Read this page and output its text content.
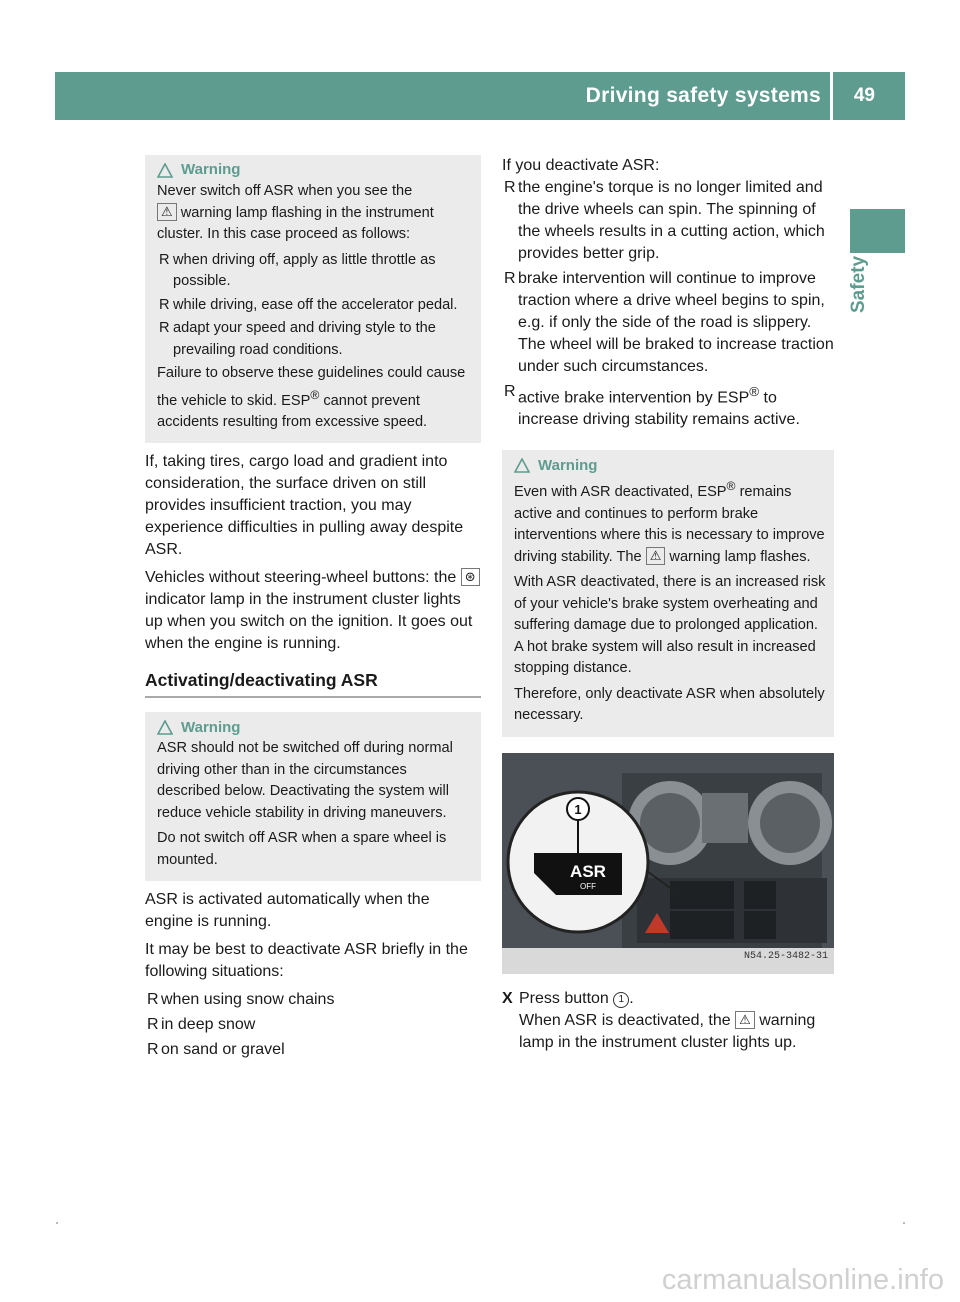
Driving safety systems 49
Safety
Warning

Never switch off ASR when you see the
⚠ warning lamp flashing in the instrument cluster. In this case proceed as follows:

R when driving off, apply as little throttle as possible.
R while driving, ease off the accelerator pedal.
R adapt your speed and driving style to the prevailing road conditions.

Failure to observe these guidelines could cause the vehicle to skid. ESP® cannot prevent accidents resulting from excessive speed.

If, taking tires, cargo load and gradient into consideration, the surface driven on still provides insufficient traction, you may experience difficulties in pulling away despite ASR.

Vehicles without steering-wheel buttons: the ⊛ indicator lamp in the instrument cluster lights up when you switch on the ignition. It goes out when the engine is running.

Activating/deactivating ASR
Warning

ASR should not be switched off during normal driving other than in the circumstances described below. Deactivating the system will reduce vehicle stability in driving maneuvers.

Do not switch off ASR when a spare wheel is mounted.

ASR is activated automatically when the engine is running.

It may be best to deactivate ASR briefly in the following situations:

R when using snow chains
R in deep snow
R on sand or gravel

If you deactivate ASR:

R the engine's torque is no longer limited and the drive wheels can spin. The spinning of the wheels results in a cutting action, which provides better grip.
R brake intervention will continue to improve traction where a drive wheel begins to spin, e.g. if only the side of the road is slippery. The wheel will be braked to increase traction under such circumstances.
R active brake intervention by ESP® to increase driving stability remains active.
Warning

Even with ASR deactivated, ESP® remains active and continues to perform brake interventions where this is necessary to improve driving stability. The ⚠ warning lamp flashes.

With ASR deactivated, there is an increased risk of your vehicle's brake system overheating and suffering damage due to prolonged application. A hot brake system will also result in increased stopping distance.

Therefore, only deactivate ASR when absolutely necessary.

1
ASR
OFF
N54.25-3482-31
X Press button 1 .

When ASR is deactivated, the ⚠ warning lamp in the instrument cluster lights up.

carmanualsonline.info
